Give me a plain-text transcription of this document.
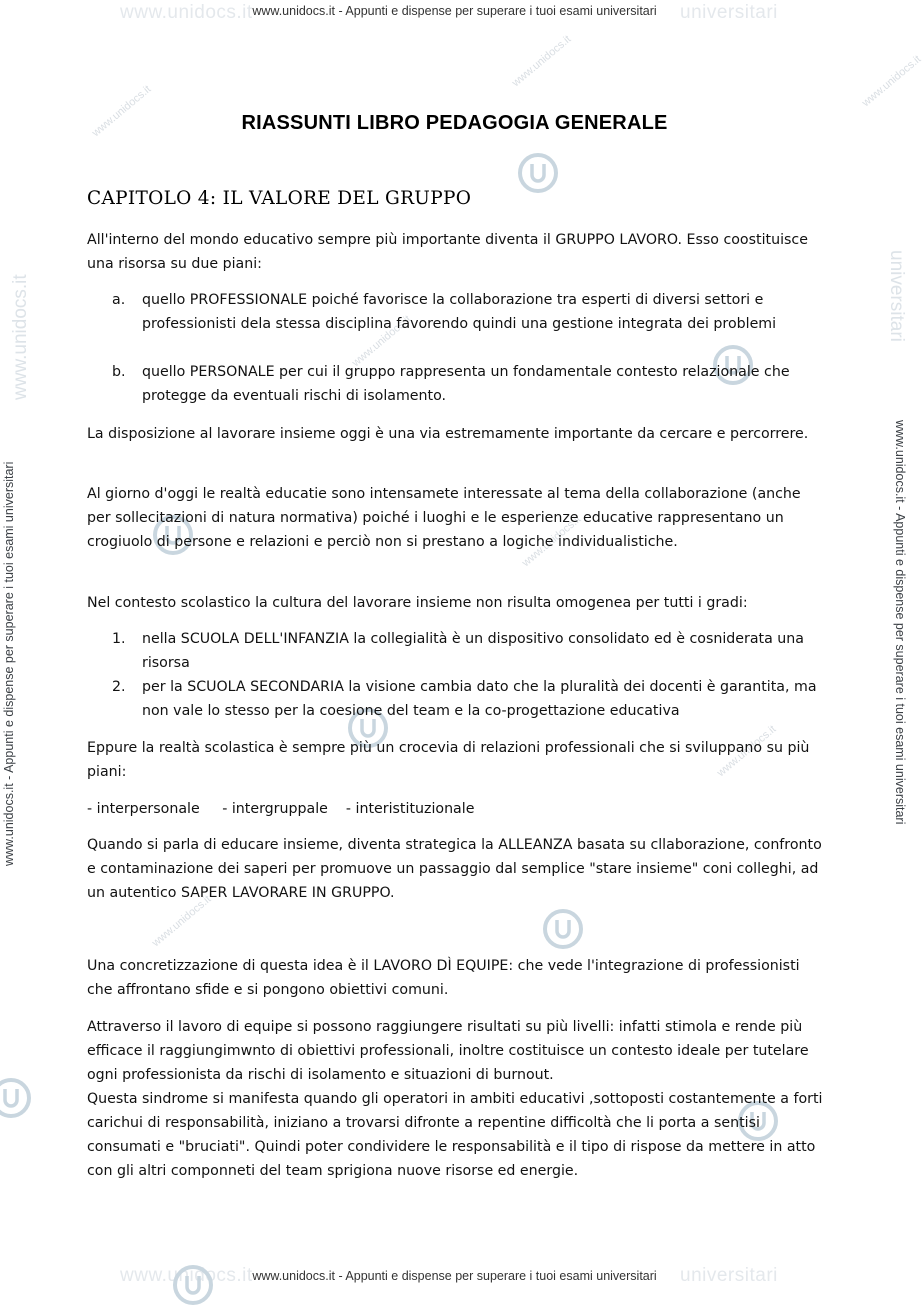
www.unidocs.it	universitari
www.unidocs.it	universitari
www.unidocs.it - Appunti e dispense per superare i tuoi esami universitari
www.unidocs.it - Appunti e dispense per superare i tuoi esami universitari
www.unidocs.it - Appunti e dispense per superare i tuoi esami universitari
www.unidocs.it
www.unidocs.it - Appunti e dispense per superare i tuoi esami universitari
universitari
www.unidocs.it
www.unidocs.it
www.unidocs.it
www.unidocs.it
www.unidocs.it
www.unidocs.it	www.unidocs.it
RIASSUNTI LIBRO PEDAGOGIA GENERALE
CAPITOLO 4: IL VALORE DEL GRUPPO
All'interno del mondo educativo sempre più importante diventa il GRUPPO LAVORO. Esso coostituisce una risorsa su due piani:
a. quello PROFESSIONALE poiché favorisce la collaborazione tra esperti di diversi settori e professionisti dela stessa disciplina favorendo quindi una gestione integrata dei problemi
b. quello PERSONALE per cui il gruppo rappresenta un fondamentale contesto relazionale che protegge da eventuali rischi di isolamento.
La disposizione al lavorare insieme oggi è una via estremamente importante da cercare e percorrere.
Al giorno d'oggi le realtà educatie sono intensamete interessate al tema della collaborazione (anche per sollecitazioni di natura normativa) poiché i luoghi e le esperienze educative rappresentano un crogiuolo di persone e relazioni e perciò non si prestano a logiche individualistiche.
Nel contesto scolastico la cultura del lavorare insieme non risulta omogenea per tutti i gradi:
1. nella SCUOLA DELL'INFANZIA la collegialità è un dispositivo consolidato ed è cosniderata una risorsa
2. per la SCUOLA SECONDARIA la visione cambia dato che la pluralità dei docenti è garantita, ma non vale lo stesso per la coesione del team e la co-progettazione educativa
Eppure la realtà scolastica è sempre più un crocevia di relazioni professionali che si sviluppano su più piani:
- interpersonale     - intergruppale    - interistituzionale
Quando si parla di educare insieme, diventa strategica la ALLEANZA basata su cllaborazione, confronto e contaminazione dei saperi per promuove un passaggio dal semplice "stare insieme" coni colleghi, ad un autentico SAPER LAVORARE IN GRUPPO.
Una concretizzazione di questa idea è il LAVORO DÌ EQUIPE: che vede l'integrazione di professionisti che affrontano sfide e si pongono obiettivi comuni.
Attraverso il lavoro di equipe si possono raggiungere risultati su più livelli: infatti stimola e rende più efficace il raggiungimwnto di obiettivi professionali, inoltre costituisce un contesto ideale per tutelare ogni professionista da rischi di isolamento e situazioni di burnout.
Questa sindrome si manifesta quando gli operatori in ambiti educativi ,sottoposti costantemente a forti carichui di responsabilità, iniziano a trovarsi difronte a repentine difficoltà che li porta a sentisi consumati e "bruciati". Quindi poter condividere le responsabilità e il tipo di rispose da mettere in atto con gli altri componneti del team sprigiona nuove risorse ed energie.
